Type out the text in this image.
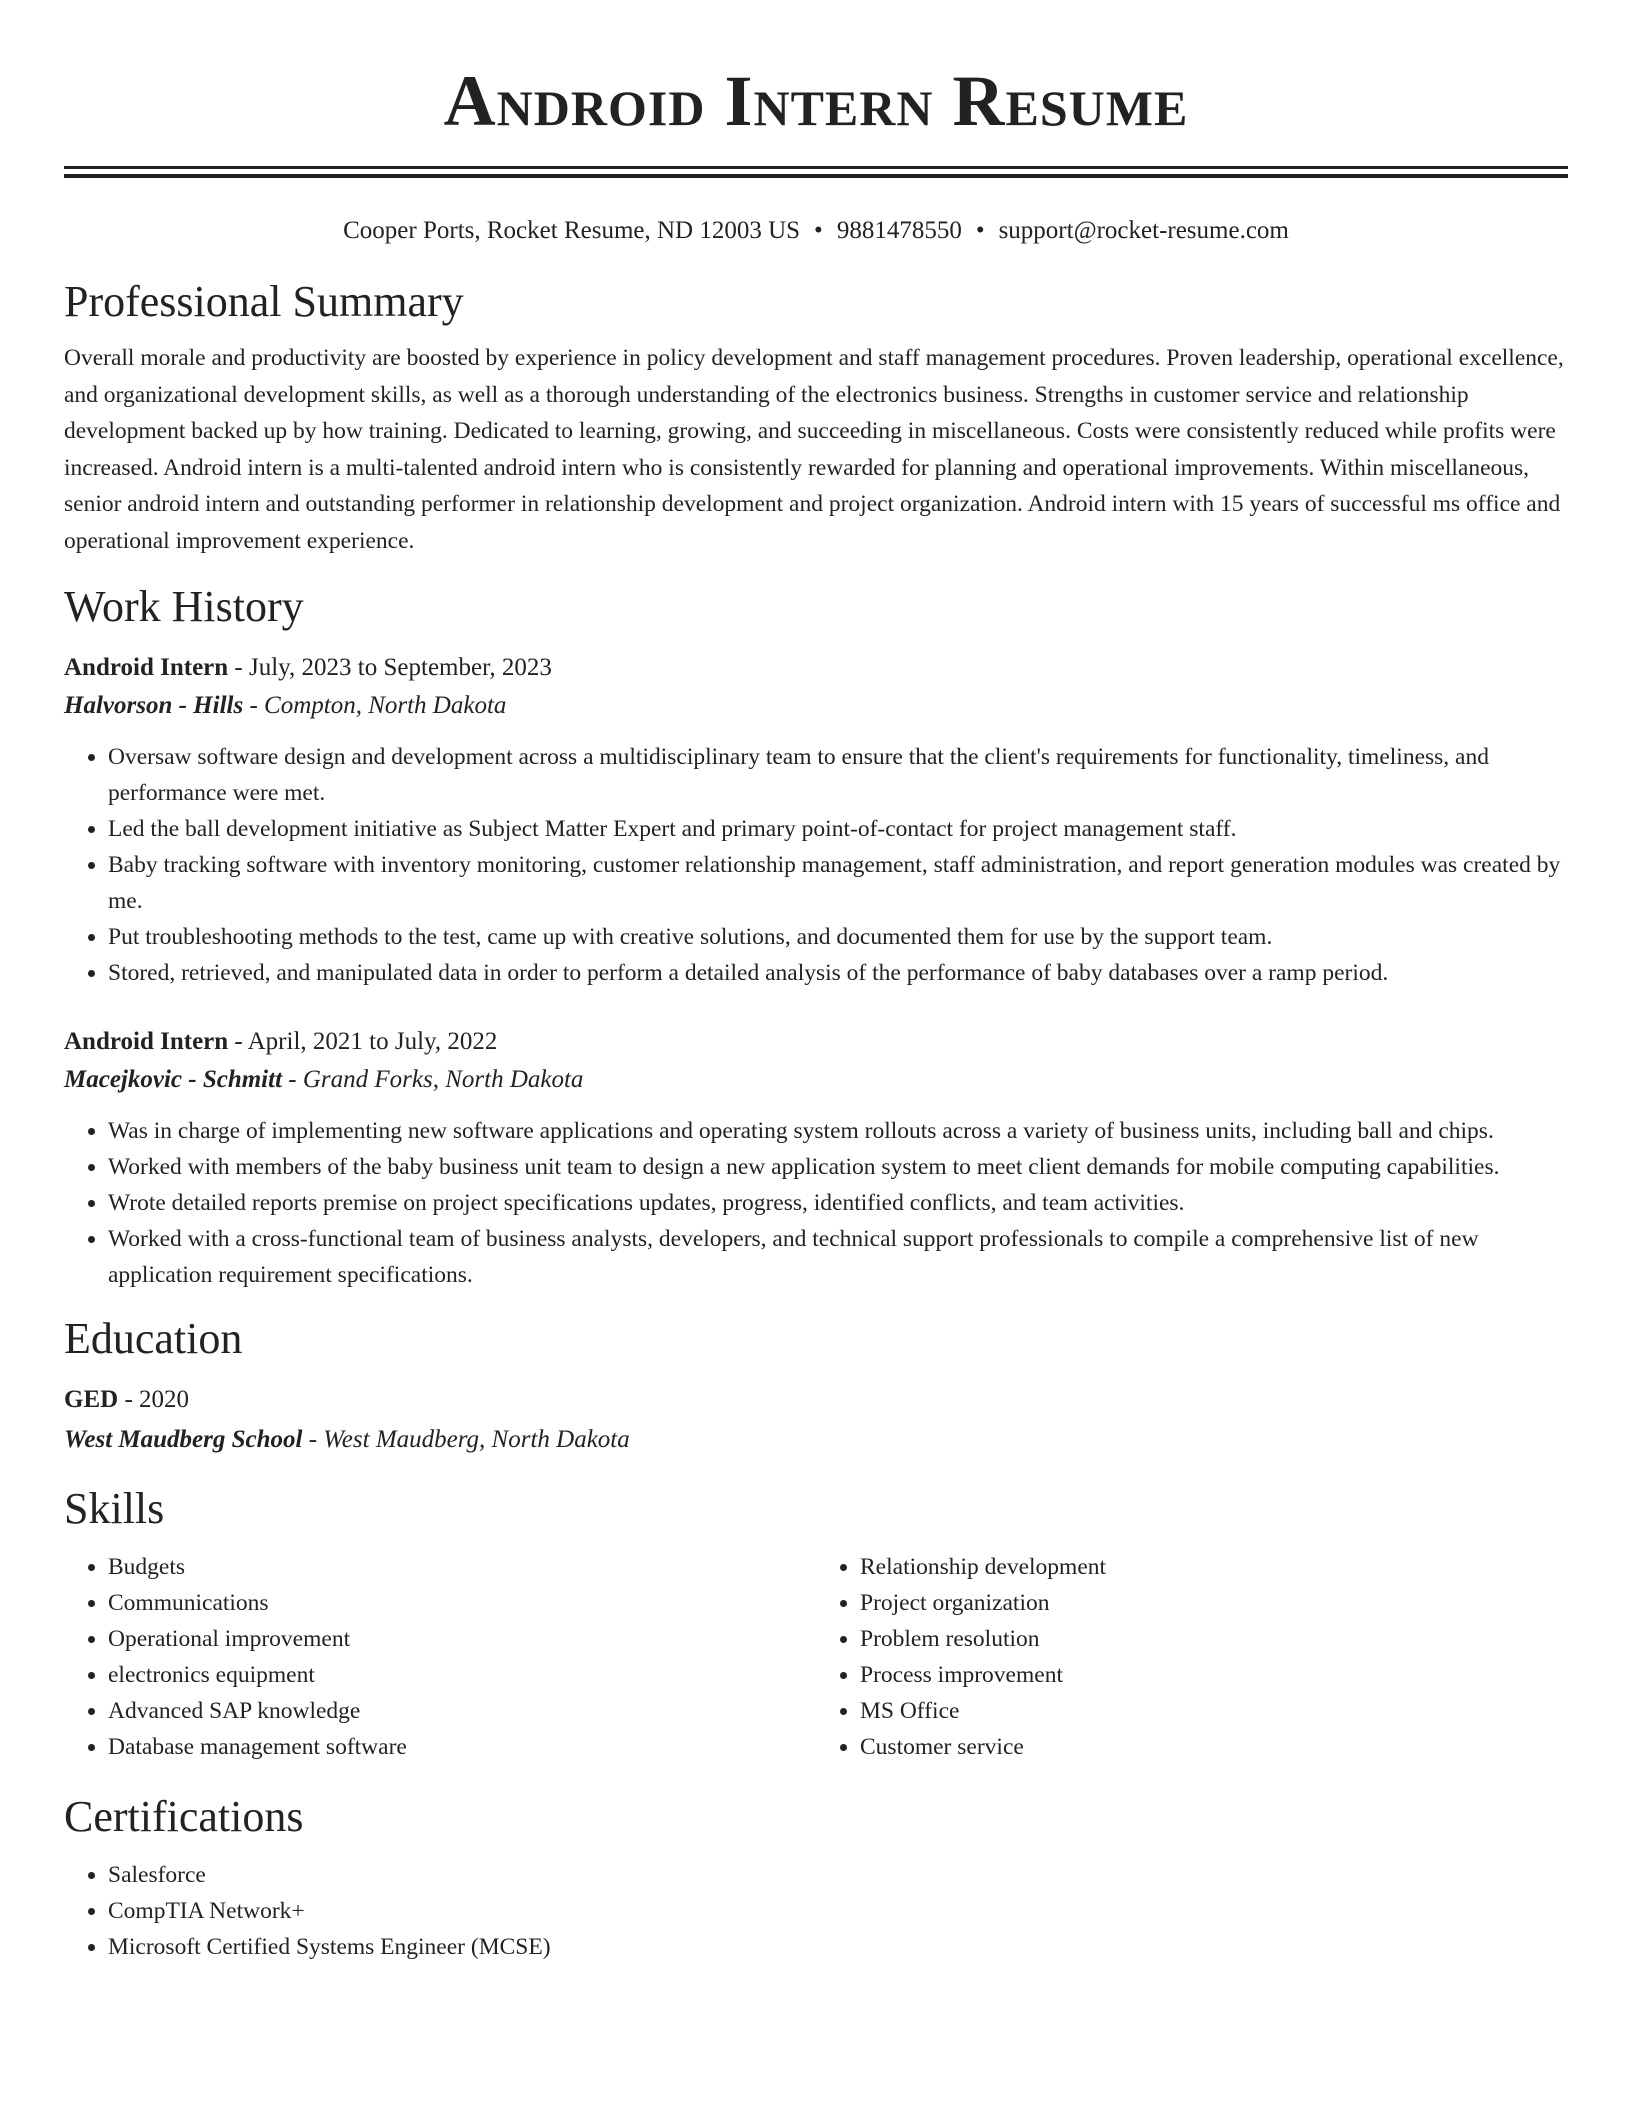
Android Intern Resume
Cooper Ports, Rocket Resume, ND 12003 US • 9881478550 • support@rocket-resume.com
Professional Summary

Overall morale and productivity are boosted by experience in policy development and staff management procedures. Proven leadership, operational excellence, and organizational development skills, as well as a thorough understanding of the electronics business. Strengths in customer service and relationship development backed up by how training. Dedicated to learning, growing, and succeeding in miscellaneous. Costs were consistently reduced while profits were increased. Android intern is a multi-talented android intern who is consistently rewarded for planning and operational improvements. Within miscellaneous, senior android intern and outstanding performer in relationship development and project organization. Android intern with 15 years of successful ms office and operational improvement experience.

Work History
Android Intern - July, 2023 to September, 2023
Halvorson - Hills - Compton, North Dakota
• Oversaw software design and development across a multidisciplinary team to ensure that the client's requirements for functionality, timeliness, and performance were met.
• Led the ball development initiative as Subject Matter Expert and primary point-of-contact for project management staff.
• Baby tracking software with inventory monitoring, customer relationship management, staff administration, and report generation modules was created by me.
• Put troubleshooting methods to the test, came up with creative solutions, and documented them for use by the support team.
• Stored, retrieved, and manipulated data in order to perform a detailed analysis of the performance of baby databases over a ramp period.
Android Intern - April, 2021 to July, 2022
Macejkovic - Schmitt - Grand Forks, North Dakota
• Was in charge of implementing new software applications and operating system rollouts across a variety of business units, including ball and chips.
• Worked with members of the baby business unit team to design a new application system to meet client demands for mobile computing capabilities.
• Wrote detailed reports premise on project specifications updates, progress, identified conflicts, and team activities.
• Worked with a cross-functional team of business analysts, developers, and technical support professionals to compile a comprehensive list of new application requirement specifications.
Education
GED - 2020
West Maudberg School - West Maudberg, North Dakota
Skills
• Budgets
• Communications
• Operational improvement
• electronics equipment
• Advanced SAP knowledge
• Database management software
• Relationship development
• Project organization
• Problem resolution
• Process improvement
• MS Office
• Customer service
Certifications
• Salesforce
• CompTIA Network+
• Microsoft Certified Systems Engineer (MCSE)
